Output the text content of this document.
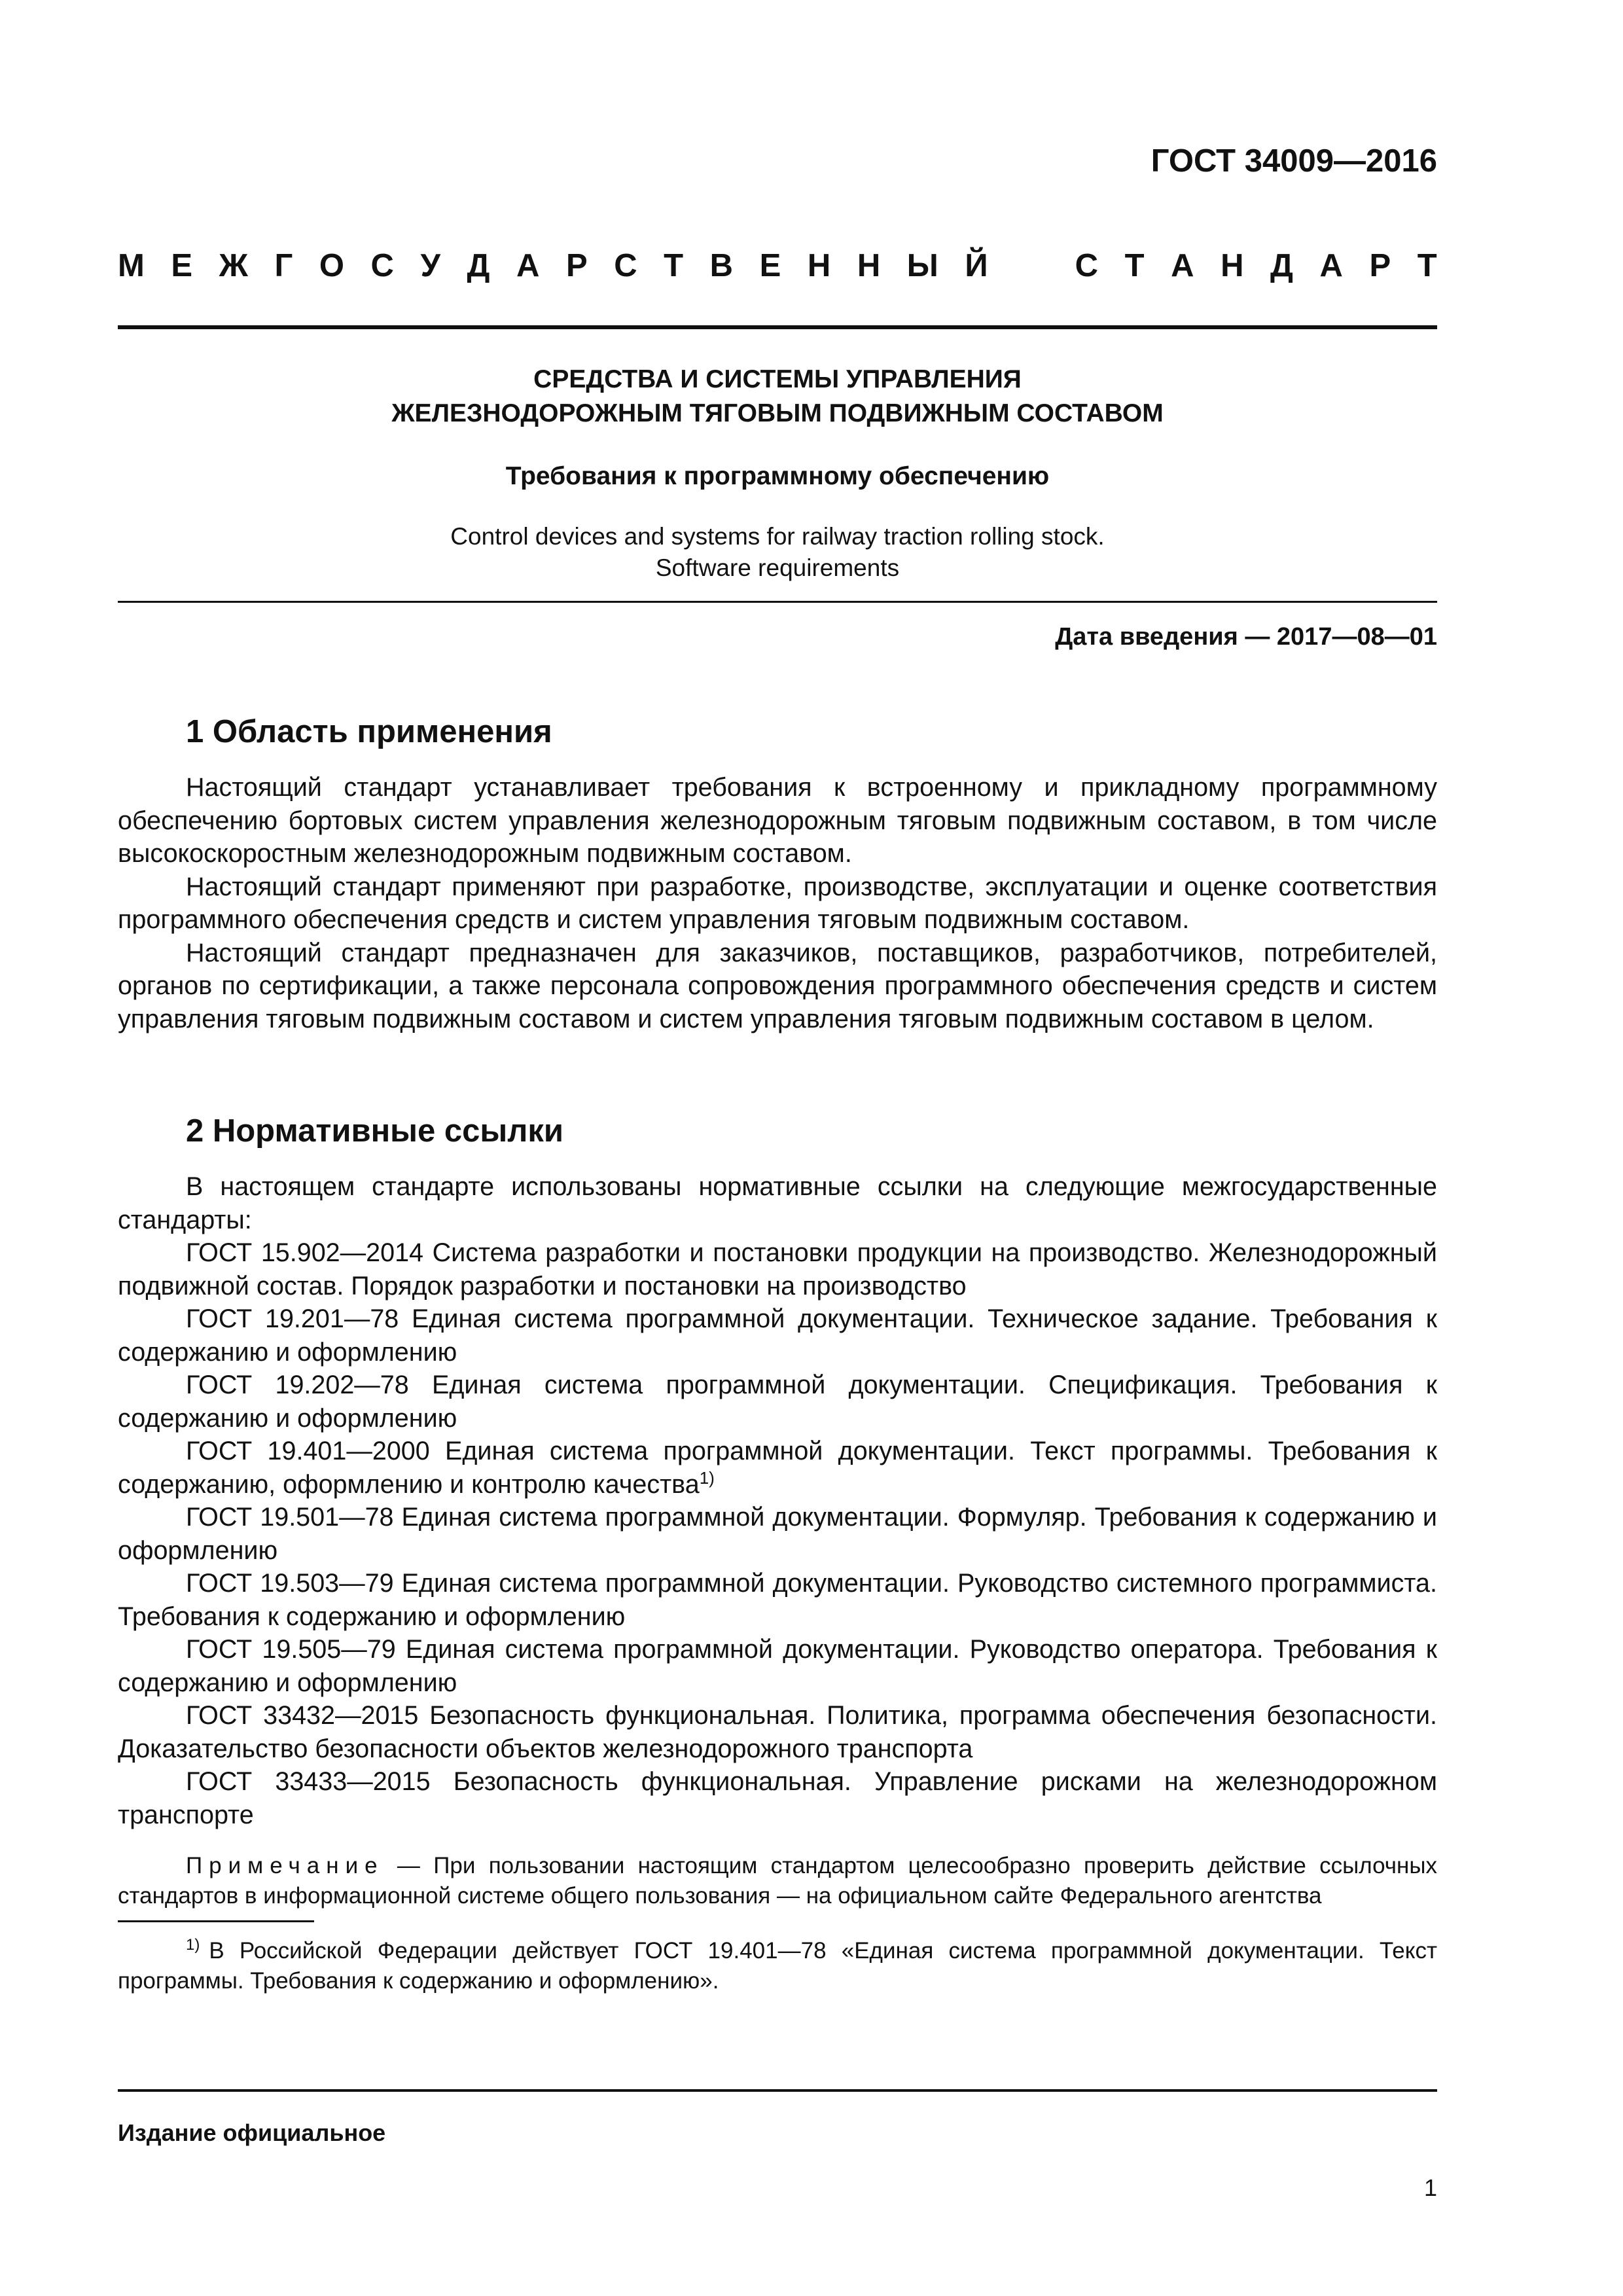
ГОСТ 34009—2016

М Е Ж Г О С У Д А Р С Т В Е Н Н Ы Й	С Т А Н Д А Р Т

СРЕДСТВА И СИСТЕМЫ УПРАВЛЕНИЯ

ЖЕЛЕЗНОДОРОЖНЫМ ТЯГОВЫМ ПОДВИЖНЫМ СОСТАВОМ

Требования к программному обеспечению

Control devices and systems for railway traction rolling stock.

Software requirements

Дата введения — 2017—08—01

1 Область применения

Настоящий стандарт устанавливает требования к встроенному и прикладному программному обеспечению бортовых систем управления железнодорожным тяговым подвижным составом, в том числе высокоскоростным железнодорожным подвижным составом.

Настоящий стандарт применяют при разработке, производстве, эксплуатации и оценке соответствия программного обеспечения средств и систем управления тяговым подвижным составом.

Настоящий стандарт предназначен для заказчиков, поставщиков, разработчиков, потребителей, органов по сертификации, а также персонала сопровождения программного обеспечения средств и систем управления тяговым подвижным составом и систем управления тяговым подвижным составом в целом.

2 Нормативные ссылки

В настоящем стандарте использованы нормативные ссылки на следующие межгосударственные стандарты:

ГОСТ 15.902—2014 Система разработки и постановки продукции на производство. Железнодорожный подвижной состав. Порядок разработки и постановки на производство

ГОСТ 19.201—78 Единая система программной документации. Техническое задание. Требования к содержанию и оформлению

ГОСТ 19.202—78 Единая система программной документации. Спецификация. Требования к содержанию и оформлению

ГОСТ 19.401—2000 Единая система программной документации. Текст программы. Требования к содержанию, оформлению и контролю качества$^{1)}$

ГОСТ 19.501—78 Единая система программной документации. Формуляр. Требования к содержанию и оформлению

ГОСТ 19.503—79 Единая система программной документации. Руководство системного программиста. Требования к содержанию и оформлению

ГОСТ 19.505—79 Единая система программной документации. Руководство оператора. Требования к содержанию и оформлению

ГОСТ 33432—2015 Безопасность функциональная. Политика, программа обеспечения безопасности. Доказательство безопасности объектов железнодорожного транспорта

ГОСТ 33433—2015 Безопасность функциональная. Управление рисками на железнодорожном транспорте

Примечание — При пользовании настоящим стандартом целесообразно проверить действие ссылочных стандартов в информационной системе общего пользования — на официальном сайте Федерального агентства

$^{1)}$ В Российской Федерации действует ГОСТ 19.401—78 «Единая система программной документации. Текст программы. Требования к содержанию и оформлению».

Издание официальное

1
